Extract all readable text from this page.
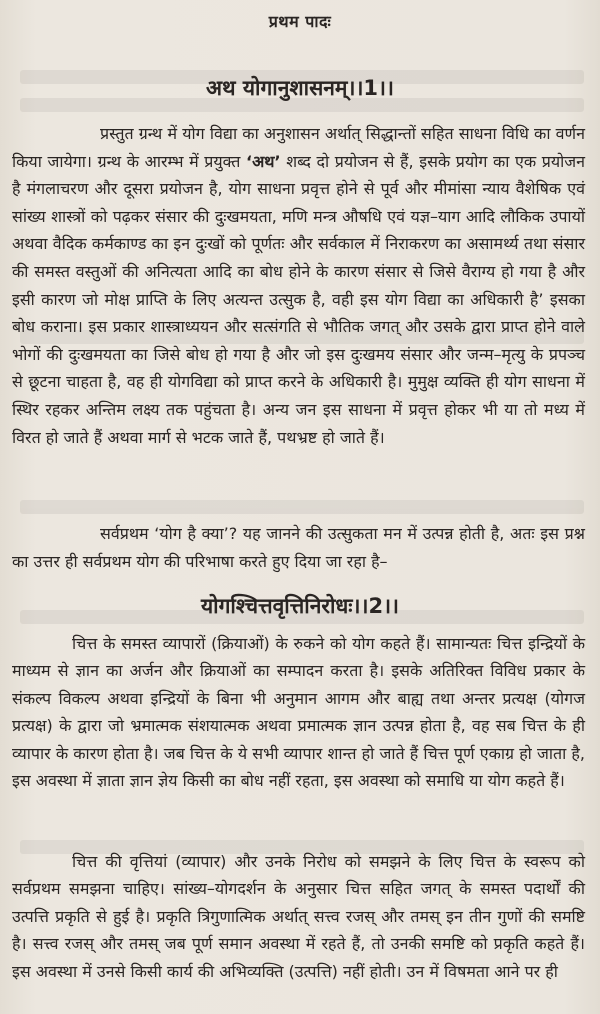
प्रथम पादः
अथ योगानुशासनम्।।1।।
प्रस्तुत ग्रन्थ में योग विद्या का अनुशासन अर्थात् सिद्धान्तों सहित साधना विधि का वर्णन किया जायेगा। ग्रन्थ के आरम्भ में प्रयुक्त ‘अथ’ शब्द दो प्रयोजन से हैं, इसके प्रयोग का एक प्रयोजन है मंगलाचरण और दूसरा प्रयोजन है, योग साधना प्रवृत्त होने से पूर्व और मीमांसा न्याय वैशेषिक एवं सांख्य शास्त्रों को पढ़कर संसार की दुःखमयता, मणि मन्त्र औषधि एवं यज्ञ–याग आदि लौकिक उपायों अथवा वैदिक कर्मकाण्ड का इन दुःखों को पूर्णतः और सर्वकाल में निराकरण का असामर्थ्य तथा संसार की समस्त वस्तुओं की अनित्यता आदि का बोध होने के कारण संसार से जिसे वैराग्य हो गया है और इसी कारण जो मोक्ष प्राप्ति के लिए अत्यन्त उत्सुक है, वही इस योग विद्या का अधिकारी है’ इसका बोध कराना। इस प्रकार शास्त्राध्ययन और सत्संगति से भौतिक जगत् और उसके द्वारा प्राप्त होने वाले भोगों की दुःखमयता का जिसे बोध हो गया है और जो इस दुःखमय संसार और जन्म–मृत्यु के प्रपञ्च से छूटना चाहता है, वह ही योगविद्या को प्राप्त करने के अधिकारी है। मुमुक्ष व्यक्ति ही योग साधना में स्थिर रहकर अन्तिम लक्ष्य तक पहुंचता है। अन्य जन इस साधना में प्रवृत्त होकर भी या तो मध्य में विरत हो जाते हैं अथवा मार्ग से भटक जाते हैं, पथभ्रष्ट हो जाते हैं।
सर्वप्रथम ‘योग है क्या’? यह जानने की उत्सुकता मन में उत्पन्न होती है, अतः इस प्रश्न का उत्तर ही सर्वप्रथम योग की परिभाषा करते हुए दिया जा रहा है–
योगश्चित्तवृत्तिनिरोधः।।2।।
चित्त के समस्त व्यापारों (क्रियाओं) के रुकने को योग कहते हैं। सामान्यतः चित्त इन्द्रियों के माध्यम से ज्ञान का अर्जन और क्रियाओं का सम्पादन करता है। इसके अतिरिक्त विविध प्रकार के संकल्प विकल्प अथवा इन्द्रियों के बिना भी अनुमान आगम और बाह्य तथा अन्तर प्रत्यक्ष (योगज प्रत्यक्ष) के द्वारा जो भ्रमात्मक संशयात्मक अथवा प्रमात्मक ज्ञान उत्पन्न होता है, वह सब चित्त के ही व्यापार के कारण होता है। जब चित्त के ये सभी व्यापार शान्त हो जाते हैं चित्त पूर्ण एकाग्र हो जाता है, इस अवस्था में ज्ञाता ज्ञान ज्ञेय किसी का बोध नहीं रहता, इस अवस्था को समाधि या योग कहते हैं।
चित्त की वृत्तियां (व्यापार) और उनके निरोध को समझने के लिए चित्त के स्वरूप को सर्वप्रथम समझना चाहिए। सांख्य–योगदर्शन के अनुसार चित्त सहित जगत् के समस्त पदार्थों की उत्पत्ति प्रकृति से हुई है। प्रकृति त्रिगुणात्मिक अर्थात् सत्त्व रजस् और तमस् इन तीन गुणों की समष्टि है। सत्त्व रजस् और तमस् जब पूर्ण समान अवस्था में रहते हैं, तो उनकी समष्टि को प्रकृति कहते हैं। इस अवस्था में उनसे किसी कार्य की अभिव्यक्ति (उत्पत्ति) नहीं होती। उन में विषमता आने पर ही
